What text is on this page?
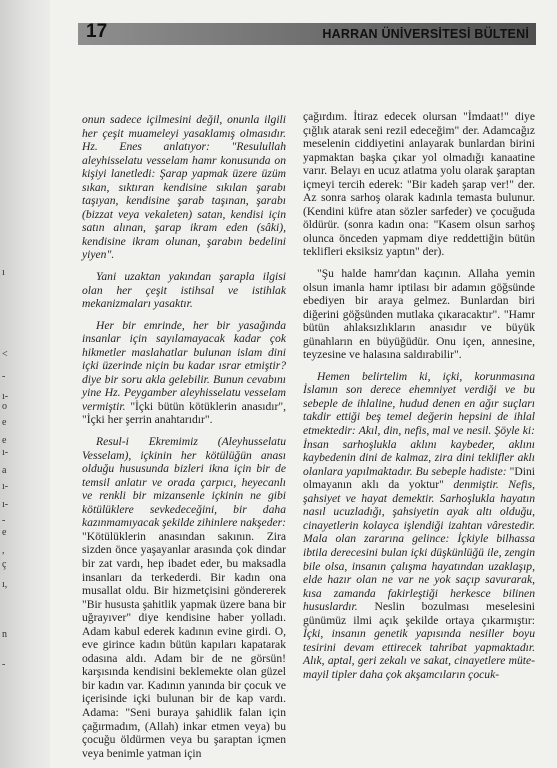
ı
<
-
ı-
o
e
e
ı-
a
ı-
ı-
-
e
,
ç
ı,
n
-
17	HARRAN ÜNİVERSİTESİ BÜLTENİ

onun sadece içilmesini değil, onunla ilgili her çeşit muameleyi yasaklamış olmasıdır. Hz. Enes anlatıyor: "Resulullah aleyhisselatu vesselam hamr konusunda on kişiyi lanetledi: Şarap yapmak üzere üzüm sıkan, sıktıran kendisine sıkılan şarabı taşıyan, kendisine şarab taşınan, şarabı (bizzat veya vekaleten) satan, kendisi için satın alınan, şarap ikram eden (sâki), kendisine ikram olunan, şarabın bedelini yiyen".

Yani uzaktan yakından şarapla ilgisi olan her çeşit istihsal ve istihlak mekanizmaları yasaktır.

Her bir emrinde, her bir yasağında insanlar için sayılamayacak kadar çok hikmetler maslahatlar bulunan islam dini içki üzerinde niçin bu kadar ısrar etmiştir? diye bir soru akla gelebilir. Bunun cevabını yine Hz. Peygamber aleyhisselatu vesselam vermiştir. "İçki bütün kötüklerin anasıdır", "İçki her şerrin anahtarıdır".

Resul-i Ekremimiz (Aleyhusselatu Vesselam), içkinin her kötülüğün anası olduğu hususunda bizleri ikna için bir de temsil anlatır ve orada çarpıcı, heyecanlı ve renkli bir mizansenle içkinin ne gibi kötülüklere sevkedeceğini, bir daha kazınmamıyacak şekilde zihinlere nakşeder: "Kötülüklerin anasından sakının. Zira sizden önce yaşayanlar arasında çok dindar bir zat vardı, hep ibadet eder, bu maksadla insanları da terkederdi. Bir kadın ona musallat oldu. Bir hizmetçisini göndererek "Bir hususta şahitlik yapmak üzere bana bir uğrayıver" diye kendisine haber yolladı. Adam kabul ederek kadının evine girdi. O, eve girince kadın bütün kapıları kapatarak odasına aldı. Adam bir de ne görsün! karşısında kendisini beklemekte olan güzel bir kadın var. Kadının yanında bir çocuk ve içerisinde içki bulunan bir de kap vardı. Adama: "Seni buraya şahidlik falan için çağırmadım, (Allah) inkar etmen veya) bu çocuğu öldürmen veya bu şaraptan içmen veya benimle yatman için

çağırdım. İtiraz edecek olursan "İmdaat!" diye çığlık atarak seni rezil edeceğim" der. Adamcağız meselenin ciddiyetini anlayarak bunlardan birini yapmaktan başka çıkar yol olmadığı kanaatine varır. Belayı en ucuz atlatma yolu olarak şaraptan içmeyi tercih ederek: "Bir kadeh şarap ver!" der. Az sonra sarhoş olarak kadınla temasta bulunur. (Kendini küfre atan sözler sarfeder) ve çocuğuda öldürür. (sonra kadın ona: "Kasem olsun sarhoş olunca önceden yapmam diye reddettiğin bütün teklifleri eksiksiz yaptın" der).

"Şu halde hamr'dan kaçının. Allaha yemin olsun imanla hamr iptilası bir adamın göğsünde ebediyen bir araya gelmez. Bunlardan biri diğerini göğsünden mutlaka çıkaracaktır". "Hamr bütün ahlaksızlıkların anasıdır ve büyük günahların en büyüğüdür. Onu içen, annesine, teyzesine ve halasına saldırabilir".

Hemen belirtelim ki, içki, korunmasına İslamın son derece ehemniyet verdiği ve bu sebeple de ihlaline, hudud denen en ağır suçları takdir ettiği beş temel değerin hepsini de ihlal etmektedir: Akıl, din, nefis, mal ve nesil. Şöyle ki: İnsan sarhoşlukla aklını kaybeder, aklını kaybedenin dini de kalmaz, zira dini teklifler aklı olanlara yapılmaktadır. Bu sebeple hadiste: "Dini olmayanın aklı da yoktur" denmiştir. Nefis, şahsiyet ve hayat demektir. Sarhoşlukla hayatın nasıl ucuzladığı, şahsiyetin ayak altı olduğu, cinayetlerin kolayca işlendiği izahtan vârestedir. Mala olan zararına gelince: İçkiyle bilhassa ibtila derecesini bulan içki düşkünlüğü ile, zengin bile olsa, insanın çalışma hayatından uzaklaşıp, elde hazır olan ne var ne yok saçıp savurarak, kısa zamanda fakirleştiği herkesce bilinen hususlardır. Neslin bozulması meselesini günümüz ilmi açık şekilde ortaya çıkarmıştır: İçki, insanın genetik yapısında nesiller boyu tesirini devam ettirecek tahribat yapmaktadır. Alık, aptal, geri zekalı ve sakat, cinayetlere müte-mayil tipler daha çok akşamcıların çocuk-
